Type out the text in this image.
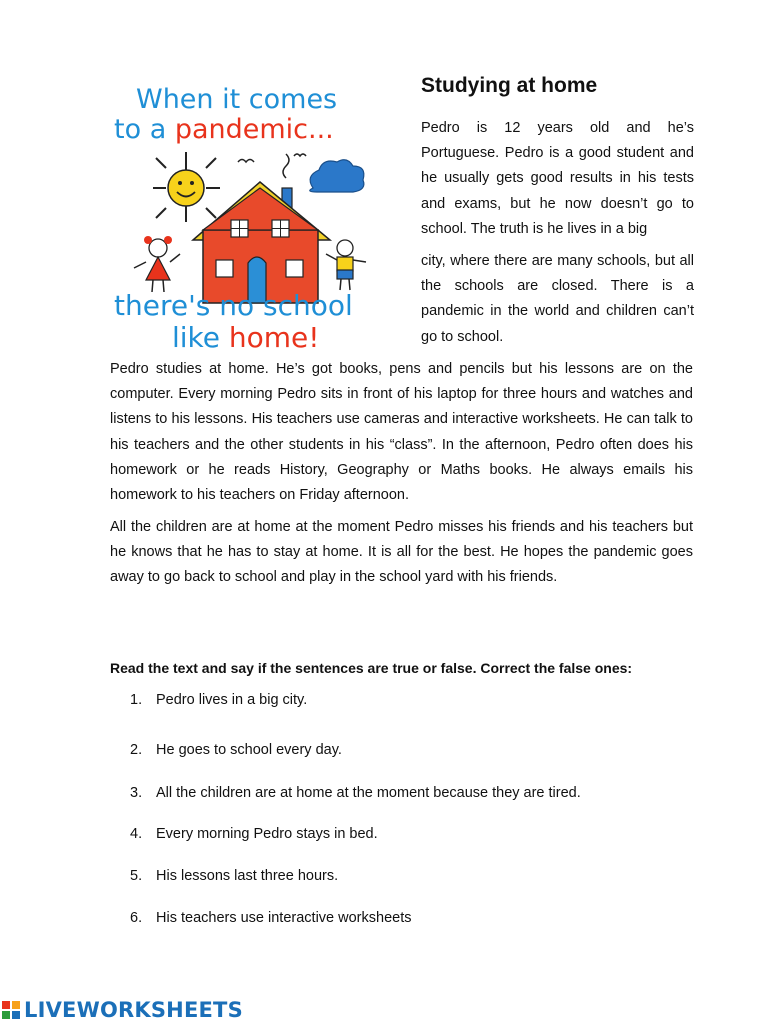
When it comes
to a pandemic...
there's no school
like home!
Studying at home

Pedro is 12 years old and he’s Portuguese. Pedro is a good student and he usually gets good results in his tests and exams, but he now doesn’t go to school. The truth is he lives in a big

city, where there are many schools, but all the schools are closed. There is a pandemic in the world and children can’t go to school.

Pedro studies at home. He’s got books, pens and pencils but his lessons are on the computer. Every morning Pedro sits in front of his laptop for three hours and watches and listens to his lessons. His teachers use cameras and interactive worksheets. He can talk to his teachers and the other students in his “class”. In the afternoon, Pedro often does his homework or he reads History, Geography or Maths books. He always emails his homework to his teachers on Friday afternoon.

All the children are at home at the moment Pedro misses his friends and his teachers but he knows that he has to stay at home. It is all for the best. He hopes the pandemic goes away to go back to school and play in the school yard with his friends.

Read the text and say if the sentences are true or false. Correct the false ones:

1. Pedro lives in a big city.
2. He goes to school every day.
3. All the children are at home at the moment because they are tired.
4. Every morning Pedro stays in bed.
5. His lessons last three hours.
6. His teachers use interactive worksheets
LIVEWORKSHEETS
